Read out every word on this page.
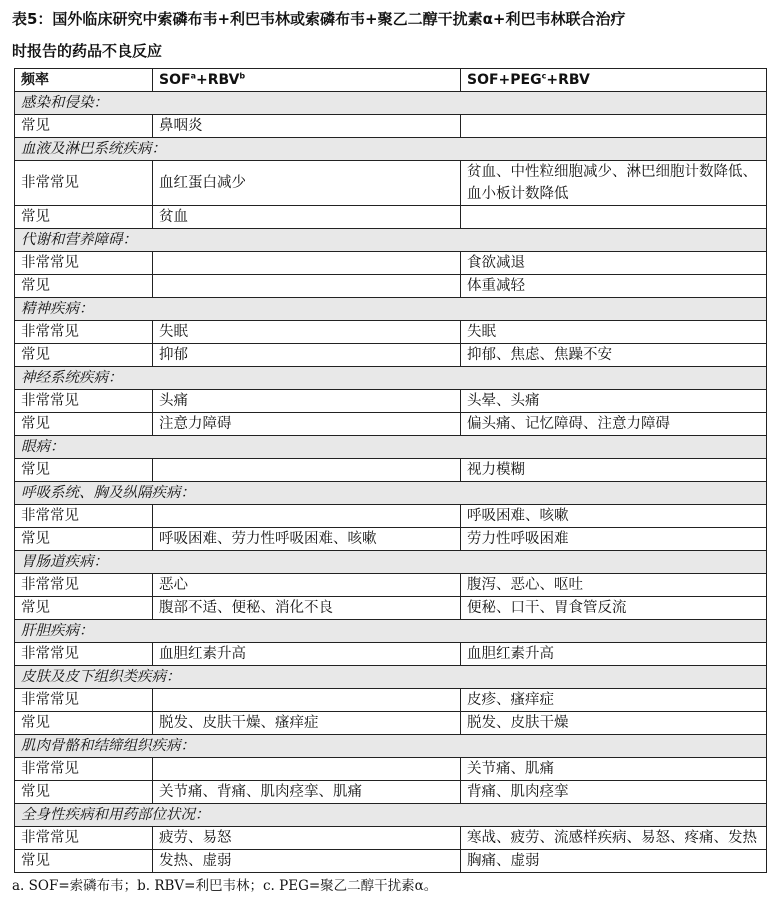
表5：国外临床研究中索磷布韦+利巴韦林或索磷布韦+聚乙二醇干扰素α+利巴韦林联合治疗
时报告的药品不良反应
频率	$SOF^a+RBV^b$	$SOF+PEG^c+RBV$
感染和侵染：		
常见	鼻咽炎	
血液及淋巴系统疾病：		
非常常见	血红蛋白减少	贫血、中性粒细胞减少、淋巴细胞计数降低、血小板计数降低
常见	贫血	
代谢和营养障碍：		
非常常见		食欲减退
常见		体重减轻
精神疾病：		
非常常见	失眠	失眠
常见	抑郁	抑郁、焦虑、焦躁不安
神经系统疾病：		
非常常见	头痛	头晕、头痛
常见	注意力障碍	偏头痛、记忆障碍、注意力障碍
眼病：		
常见		视力模糊
呼吸系统、胸及纵隔疾病：		
非常常见		呼吸困难、咳嗽
常见	呼吸困难、劳力性呼吸困难、咳嗽	劳力性呼吸困难
胃肠道疾病：		
非常常见	恶心	腹泻、恶心、呕吐
常见	腹部不适、便秘、消化不良	便秘、口干、胃食管反流
肝胆疾病：		
非常常见	血胆红素升高	血胆红素升高
皮肤及皮下组织类疾病：		
非常常见		皮疹、瘙痒症
常见	脱发、皮肤干燥、瘙痒症	脱发、皮肤干燥
肌肉骨骼和结缔组织疾病：		
非常常见		关节痛、肌痛
常见	关节痛、背痛、肌肉痉挛、肌痛	背痛、肌肉痉挛
全身性疾病和用药部位状况：		
非常常见	疲劳、易怒	寒战、疲劳、流感样疾病、易怒、疼痛、发热
常见	发热、虚弱	胸痛、虚弱
a. SOF=索磷布韦；b. RBV=利巴韦林；c. PEG=聚乙二醇干扰素α。
